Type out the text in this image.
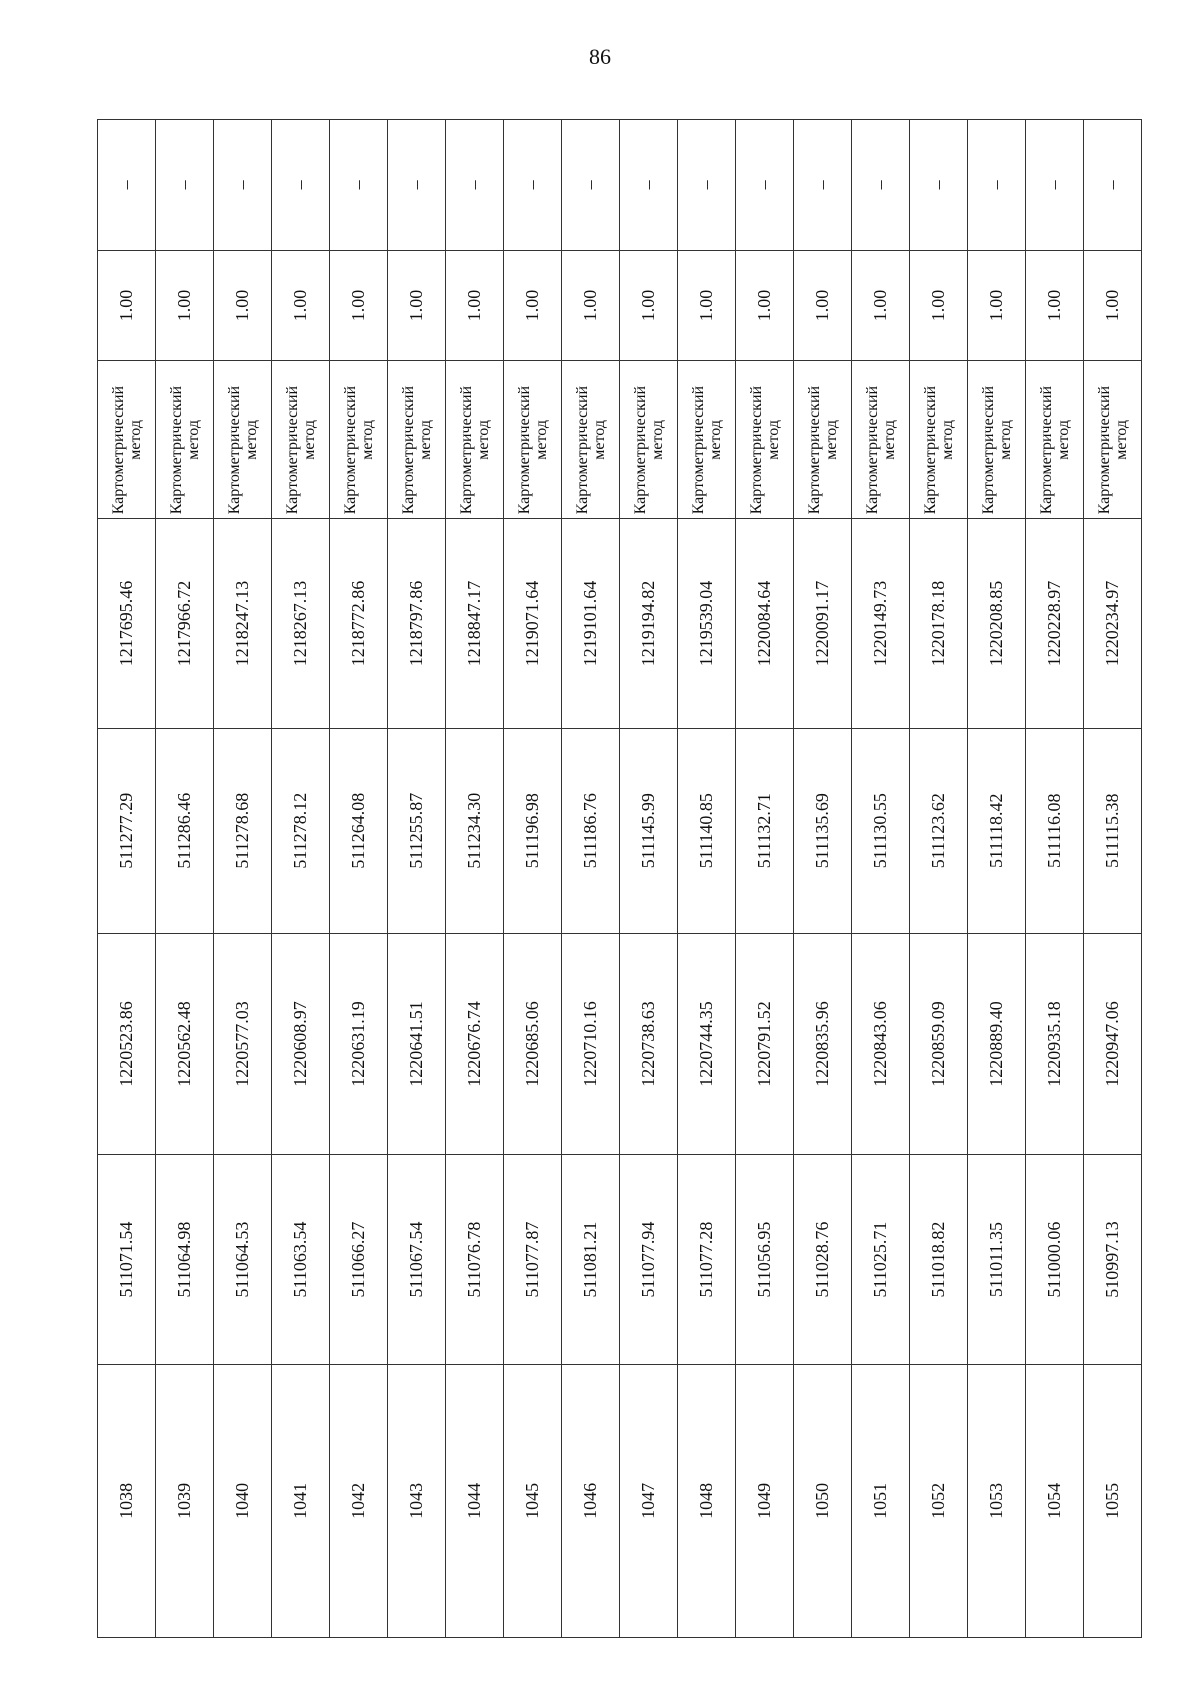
86
1038	511071.54	1220523.86	511277.29	1217695.46	Картометрический метод	1.00	–
1039	511064.98	1220562.48	511286.46	1217966.72	Картометрический метод	1.00	–
1040	511064.53	1220577.03	511278.68	1218247.13	Картометрический метод	1.00	–
1041	511063.54	1220608.97	511278.12	1218267.13	Картометрический метод	1.00	–
1042	511066.27	1220631.19	511264.08	1218772.86	Картометрический метод	1.00	–
1043	511067.54	1220641.51	511255.87	1218797.86	Картометрический метод	1.00	–
1044	511076.78	1220676.74	511234.30	1218847.17	Картометрический метод	1.00	–
1045	511077.87	1220685.06	511196.98	1219071.64	Картометрический метод	1.00	–
1046	511081.21	1220710.16	511186.76	1219101.64	Картометрический метод	1.00	–
1047	511077.94	1220738.63	511145.99	1219194.82	Картометрический метод	1.00	–
1048	511077.28	1220744.35	511140.85	1219539.04	Картометрический метод	1.00	–
1049	511056.95	1220791.52	511132.71	1220084.64	Картометрический метод	1.00	–
1050	511028.76	1220835.96	511135.69	1220091.17	Картометрический метод	1.00	–
1051	511025.71	1220843.06	511130.55	1220149.73	Картометрический метод	1.00	–
1052	511018.82	1220859.09	511123.62	1220178.18	Картометрический метод	1.00	–
1053	511011.35	1220889.40	511118.42	1220208.85	Картометрический метод	1.00	–
1054	511000.06	1220935.18	511116.08	1220228.97	Картометрический метод	1.00	–
1055	510997.13	1220947.06	511115.38	1220234.97	Картометрический метод	1.00	–
